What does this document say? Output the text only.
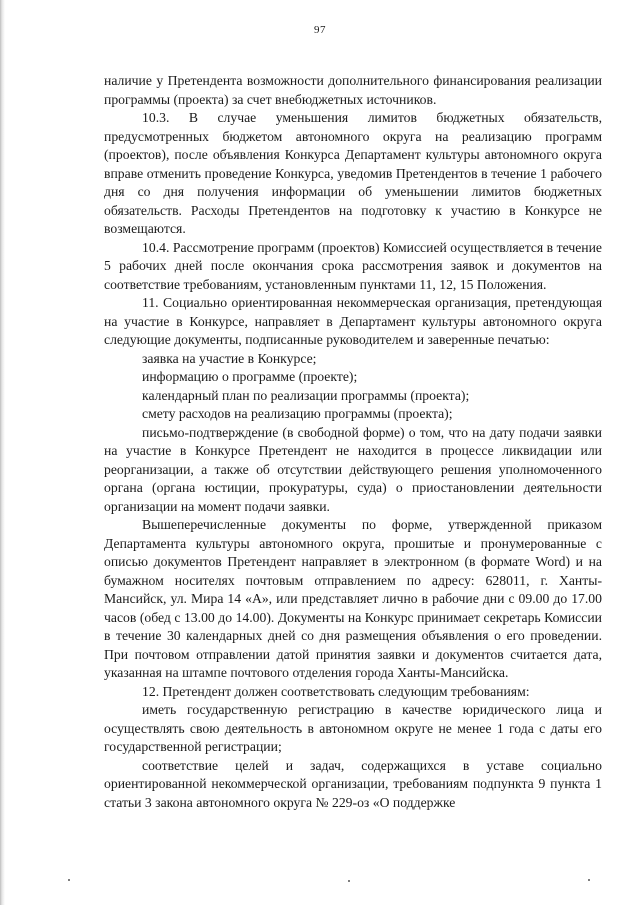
97

наличие у Претендента возможности дополнительного финансирования реализации программы (проекта) за счет внебюджетных источников.

10.3. В случае уменьшения лимитов бюджетных обязательств, предусмотренных бюджетом автономного округа на реализацию программ (проектов), после объявления Конкурса Департамент культуры автономного округа вправе отменить проведение Конкурса, уведомив Претендентов в течение 1 рабочего дня со дня получения информации об уменьшении лимитов бюджетных обязательств. Расходы Претендентов на подготовку к участию в Конкурсе не возмещаются.

10.4. Рассмотрение программ (проектов) Комиссией осуществляется в течение 5 рабочих дней после окончания срока рассмотрения заявок и документов на соответствие требованиям, установленным пунктами 11, 12, 15 Положения.

11. Социально ориентированная некоммерческая организация, претендующая на участие в Конкурсе, направляет в Департамент культуры автономного округа следующие документы, подписанные руководителем и заверенные печатью:

заявка на участие в Конкурсе;

информацию о программе (проекте);

календарный план по реализации программы (проекта);

смету расходов на реализацию программы (проекта);

письмо-подтверждение (в свободной форме) о том, что на дату подачи заявки на участие в Конкурсе Претендент не находится в процессе ликвидации или реорганизации, а также об отсутствии действующего решения уполномоченного органа (органа юстиции, прокуратуры, суда) о приостановлении деятельности организации на момент подачи заявки.

Вышеперечисленные документы по форме, утвержденной приказом Департамента культуры автономного округа, прошитые и пронумерованные с описью документов Претендент направляет в электронном (в формате Word) и на бумажном носителях почтовым отправлением по адресу: 628011, г. Ханты-Мансийск, ул. Мира 14 «А», или представляет лично в рабочие дни с 09.00 до 17.00 часов (обед с 13.00 до 14.00). Документы на Конкурс принимает секретарь Комиссии в течение 30 календарных дней со дня размещения объявления о его проведении. При почтовом отправлении датой принятия заявки и документов считается дата, указанная на штампе почтового отделения города Ханты-Мансийска.

12. Претендент должен соответствовать следующим требованиям:

иметь государственную регистрацию в качестве юридического лица и осуществлять свою деятельность в автономном округе не менее 1 года с даты его государственной регистрации;

соответствие целей и задач, содержащихся в уставе социально ориентированной некоммерческой организации, требованиям подпункта 9 пункта 1 статьи 3 закона автономного округа № 229-оз «О поддержке
